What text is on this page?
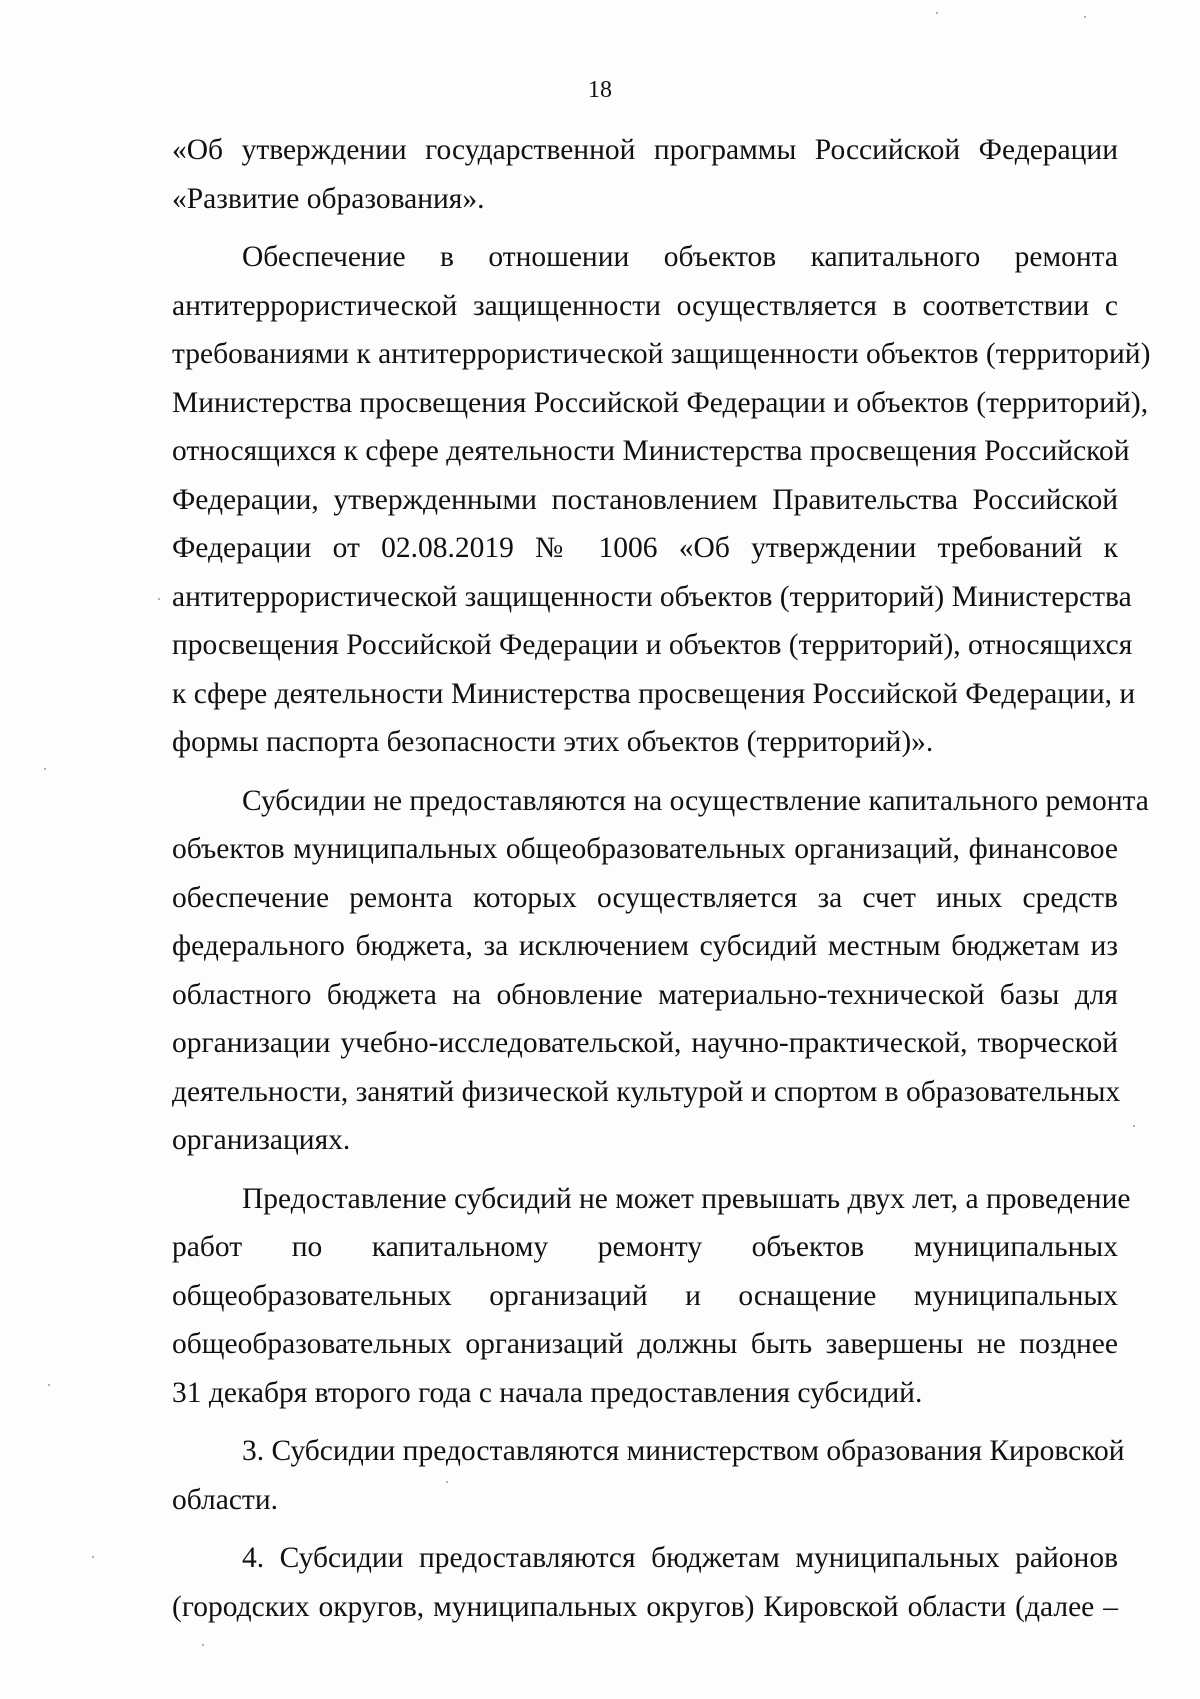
18
«Об утверждении государственной программы Российской Федерации
«Развитие образования».
Обеспечение в отношении объектов капитального ремонта
антитеррористической защищенности осуществляется в соответствии с
требованиями к антитеррористической защищенности объектов (территорий)
Министерства просвещения Российской Федерации и объектов (территорий),
относящихся к сфере деятельности Министерства просвещения Российской
Федерации, утвержденными постановлением Правительства Российской
Федерации от 02.08.2019 № 1006 «Об утверждении требований к
антитеррористической защищенности объектов (территорий) Министерства
просвещения Российской Федерации и объектов (территорий), относящихся
к сфере деятельности Министерства просвещения Российской Федерации, и
формы паспорта безопасности этих объектов (территорий)».
Субсидии не предоставляются на осуществление капитального ремонта
объектов муниципальных общеобразовательных организаций, финансовое
обеспечение ремонта которых осуществляется за счет иных средств
федерального бюджета, за исключением субсидий местным бюджетам из
областного бюджета на обновление материально-технической базы для
организации учебно-исследовательской, научно-практической, творческой
деятельности, занятий физической культурой и спортом в образовательных
организациях.
Предоставление субсидий не может превышать двух лет, а проведение
работ по капитальному ремонту объектов муниципальных
общеобразовательных организаций и оснащение муниципальных
общеобразовательных организаций должны быть завершены не позднее
31 декабря второго года с начала предоставления субсидий.
3. Субсидии предоставляются министерством образования Кировской
области.
4. Субсидии предоставляются бюджетам муниципальных районов
(городских округов, муниципальных округов) Кировской области (далее –
